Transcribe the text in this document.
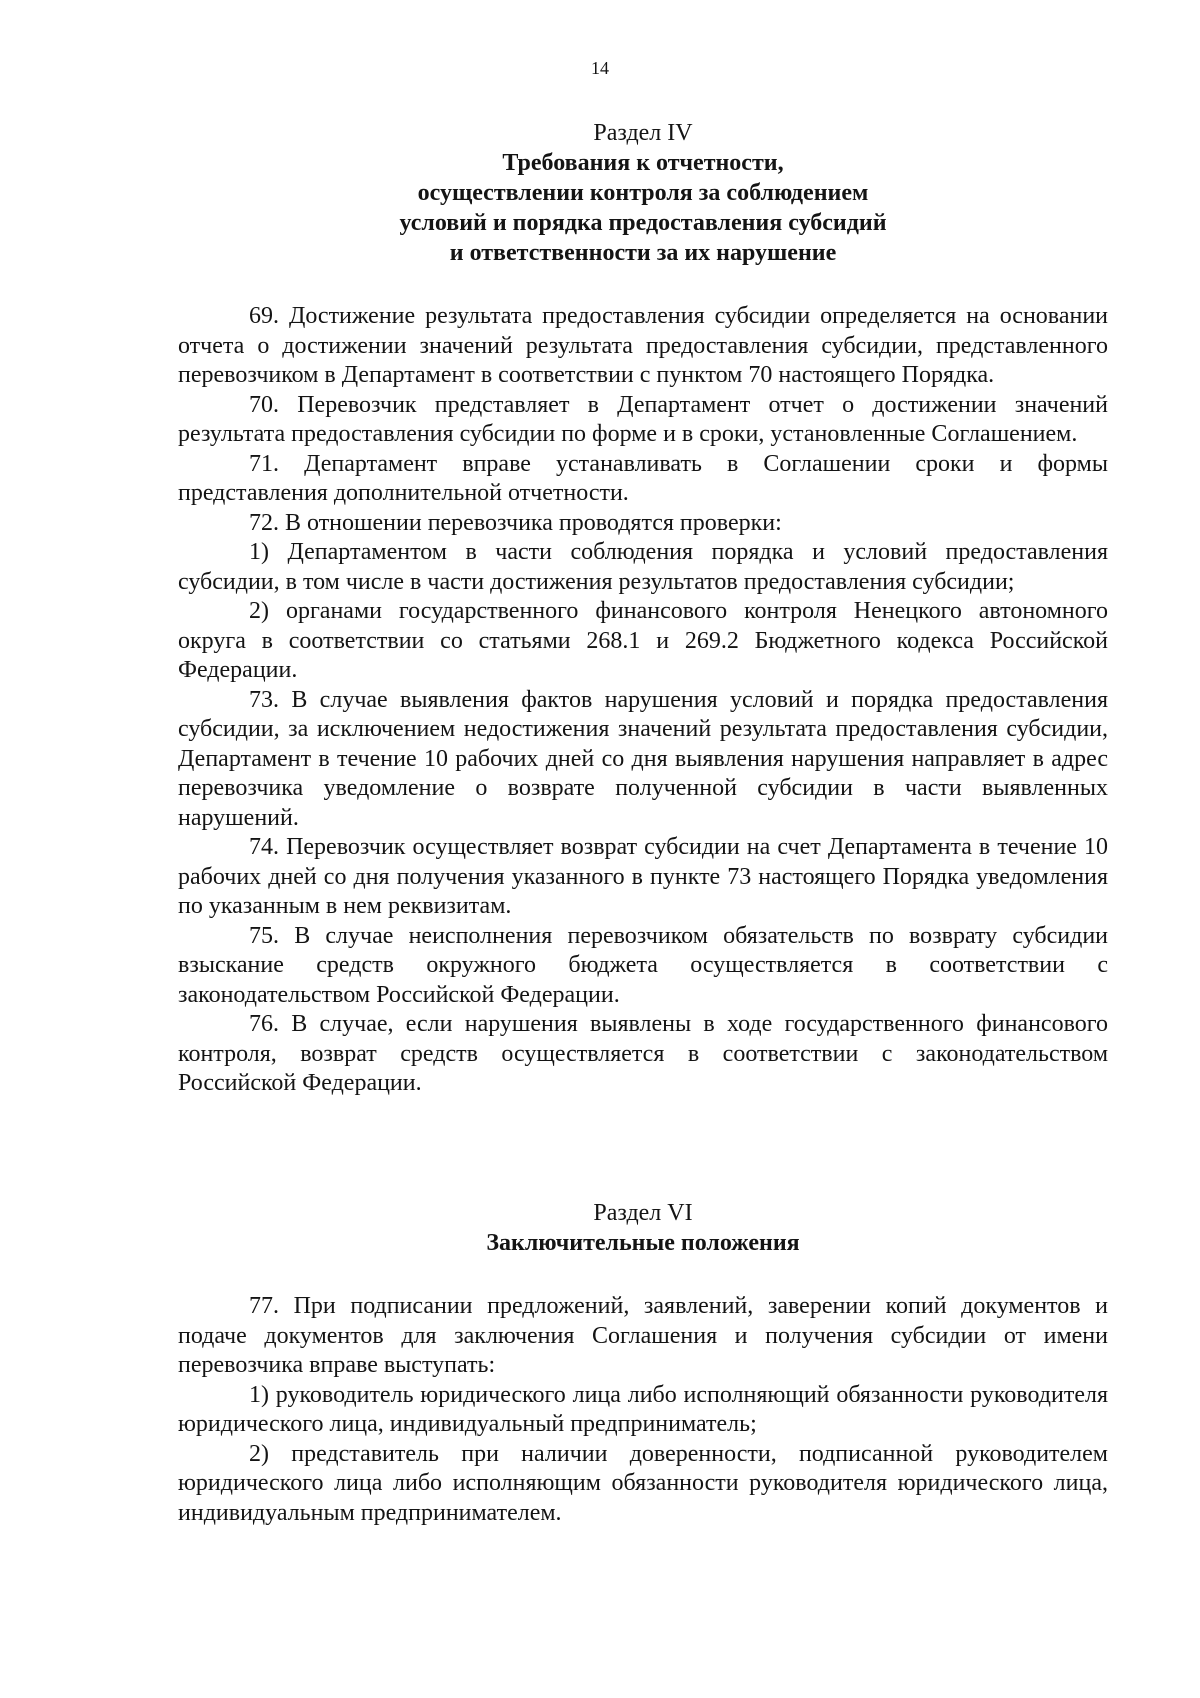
14
Раздел IV
Требования к отчетности,
осуществлении контроля за соблюдением
условий и порядка предоставления субсидий
и ответственности за их нарушение

69. Достижение результата предоставления субсидии определяется на основании отчета о достижении значений результата предоставления субсидии, представленного перевозчиком в Департамент в соответствии с пунктом 70 настоящего Порядка.

70. Перевозчик представляет в Департамент отчет о достижении значений результата предоставления субсидии по форме и в сроки, установленные Соглашением.

71. Департамент вправе устанавливать в Соглашении сроки и формы представления дополнительной отчетности.

72. В отношении перевозчика проводятся проверки:

1) Департаментом в части соблюдения порядка и условий предоставления субсидии, в том числе в части достижения результатов предоставления субсидии;

2) органами государственного финансового контроля Ненецкого автономного округа в соответствии со статьями 268.1 и 269.2 Бюджетного кодекса Российской Федерации.

73. В случае выявления фактов нарушения условий и порядка предоставления субсидии, за исключением недостижения значений результата предоставления субсидии, Департамент в течение 10 рабочих дней со дня выявления нарушения направляет в адрес перевозчика уведомление о возврате полученной субсидии в части выявленных нарушений.

74. Перевозчик осуществляет возврат субсидии на счет Департамента в течение 10 рабочих дней со дня получения указанного в пункте 73 настоящего Порядка уведомления по указанным в нем реквизитам.

75. В случае неисполнения перевозчиком обязательств по возврату субсидии взыскание средств окружного бюджета осуществляется в соответствии с законодательством Российской Федерации.

76. В случае, если нарушения выявлены в ходе государственного финансового контроля, возврат средств осуществляется в соответствии с законодательством Российской Федерации.

Раздел VI
Заключительные положения

77. При подписании предложений, заявлений, заверении копий документов и подаче документов для заключения Соглашения и получения субсидии от имени перевозчика вправе выступать:

1) руководитель юридического лица либо исполняющий обязанности руководителя юридического лица, индивидуальный предприниматель;

2) представитель при наличии доверенности, подписанной руководителем юридического лица либо исполняющим обязанности руководителя юридического лица, индивидуальным предпринимателем.
